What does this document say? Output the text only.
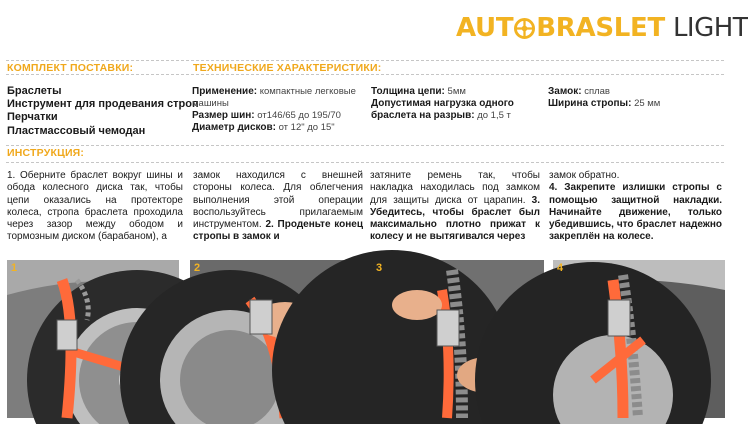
AUT BRASLET LIGHT
КОМПЛЕКТ ПОСТАВКИ:
Браслеты
Инструмент для продевания строп
Перчатки
Пластмассовый чемодан
ТЕХНИЧЕСКИЕ ХАРАКТЕРИСТИКИ:
Применение: компактные легковые машины
Размер шин: от146/65 до 195/70
Диаметр дисков: от 12" до 15"
Толщина цепи: 5мм
Допустимая нагрузка одного браслета на разрыв: до 1,5 т
Замок: сплав
Ширина стропы: 25 мм
ИНСТРУКЦИЯ:
1. Оберните браслет вокруг шины и обода колесного диска так, чтобы цепи оказались на протекторе колеса, стропа браслета проходила через зазор между ободом и тормозным диском (барабаном), а
замок находился с внешней стороны колеса. Для облегчения выполнения этой операции воспользуйтесь прилагаемым инструментом. 2. Проденьте конец стропы в замок и
затяните ремень так, чтобы накладка находилась под замком для защиты диска от царапин. 3. Убедитесь, чтобы браслет был максимально плотно прижат к колесу и не вытягивался через
замок обратно.
4. Закрепите излишки стропы с помощью защитной накладки. Начинайте движение, только убедившись, что браслет надежно закреплён на колесе.
1	2	3	4
